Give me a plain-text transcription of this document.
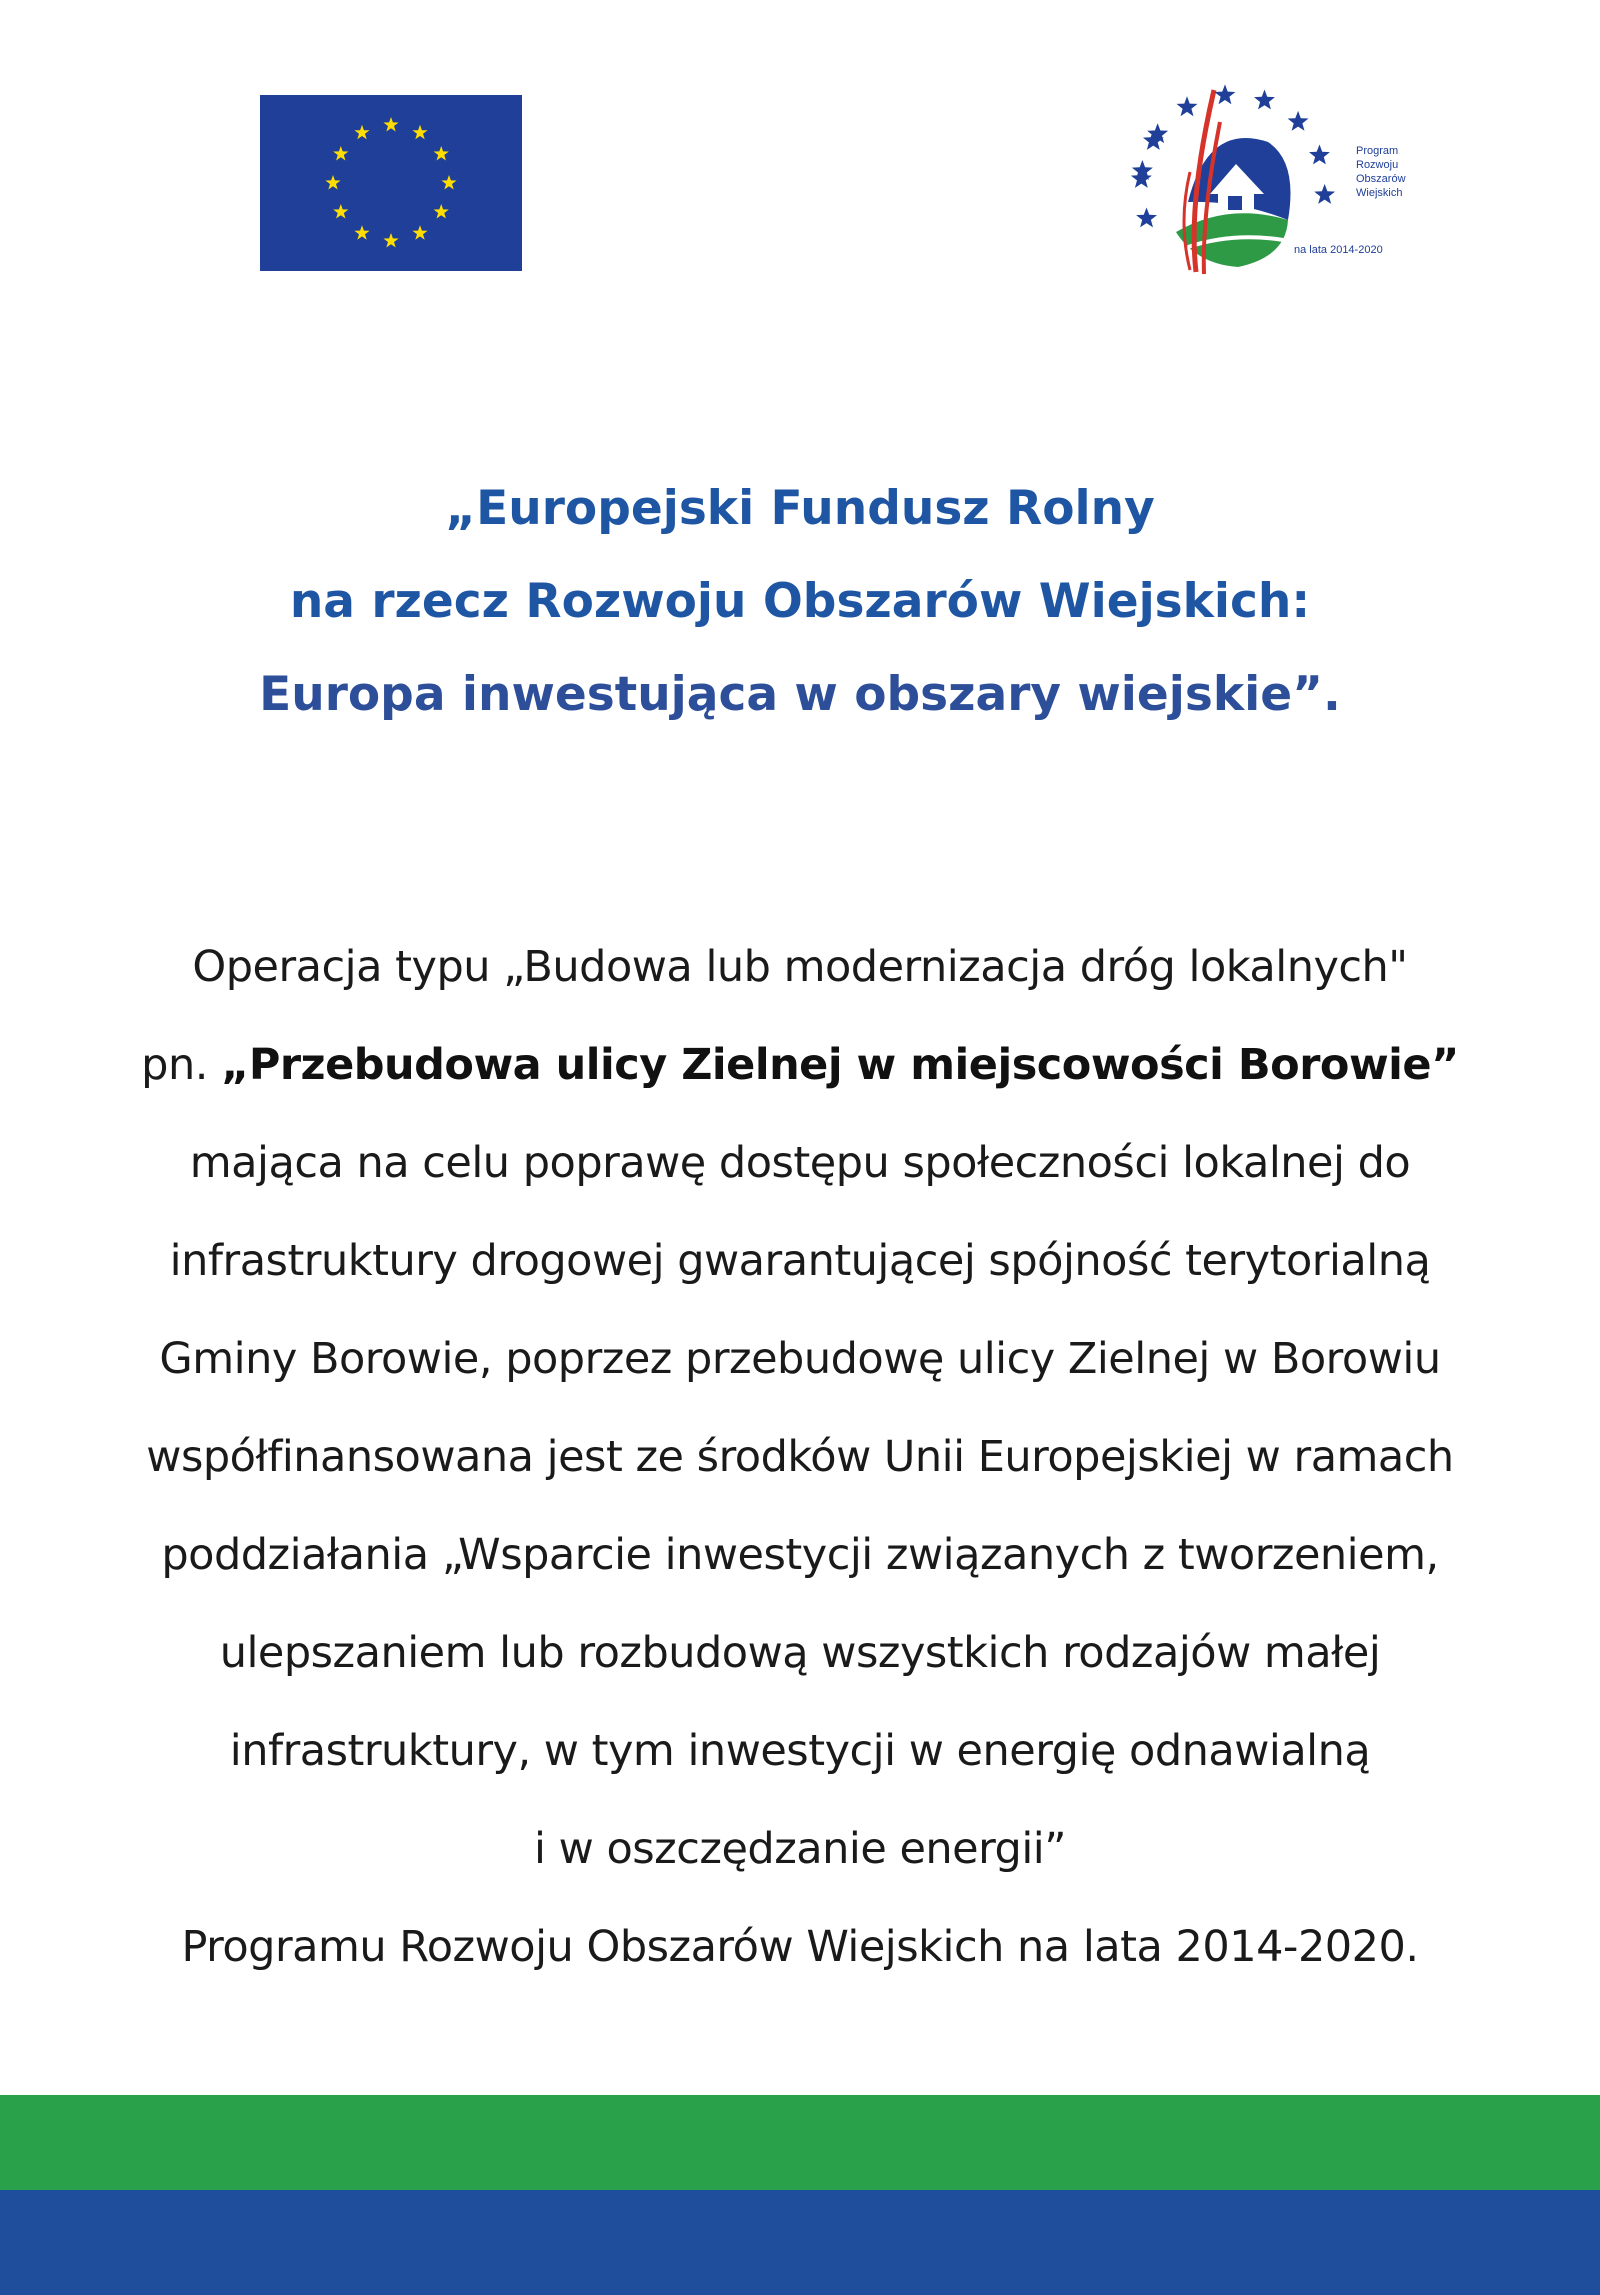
Program
Rozwoju
Obszarów
Wiejskich
na lata 2014-2020
„Europejski Fundusz Rolny
na rzecz Rozwoju Obszarów Wiejskich:
Europa inwestująca w obszary wiejskie”.
Operacja typu „Budowa lub modernizacja dróg lokalnych"
pn. „Przebudowa ulicy Zielnej w miejscowości Borowie”
mająca na celu poprawę dostępu społeczności lokalnej do
infrastruktury drogowej gwarantującej spójność terytorialną
Gminy Borowie, poprzez przebudowę ulicy Zielnej w Borowiu
współfinansowana jest ze środków Unii Europejskiej w ramach
poddziałania „Wsparcie inwestycji związanych z tworzeniem,
ulepszaniem lub rozbudową wszystkich rodzajów małej
infrastruktury, w tym inwestycji w energię odnawialną
i w oszczędzanie energii”
Programu Rozwoju Obszarów Wiejskich na lata 2014-2020.
